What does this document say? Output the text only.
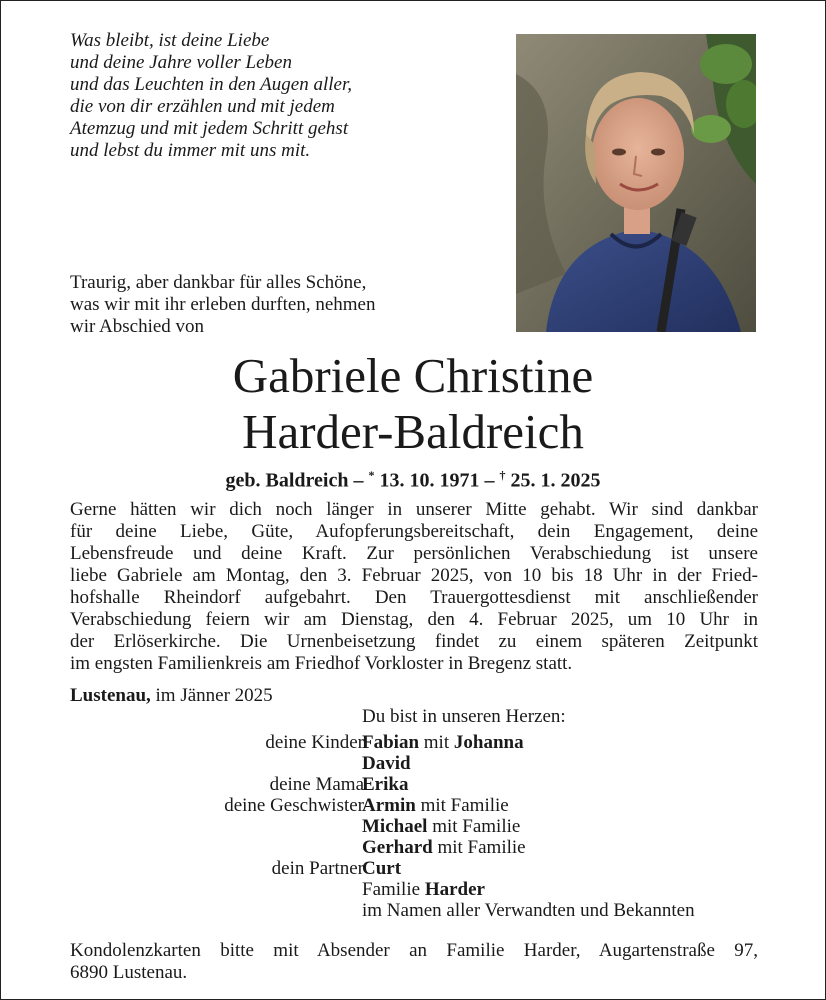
Was bleibt, ist deine Liebe
und deine Jahre voller Leben
und das Leuchten in den Augen aller,
die von dir erzählen und mit jedem
Atemzug und mit jedem Schritt gehst
und lebst du immer mit uns mit.
Traurig, aber dankbar für alles Schöne,
was wir mit ihr erleben durften, nehmen
wir Abschied von
Gabriele Christine
Harder-Baldreich
geb. Baldreich – * 13. 10. 1971 – † 25. 1. 2025
Gerne hätten wir dich noch länger in unserer Mitte gehabt. Wir sind dankbar
für deine Liebe, Güte, Aufopferungsbereitschaft, dein Engagement, deine
Lebensfreude und deine Kraft. Zur persönlichen Verabschiedung ist unsere
liebe Gabriele am Montag, den 3. Februar 2025, von 10 bis 18 Uhr in der Fried-
hofshalle Rheindorf aufgebahrt. Den Trauergottesdienst mit anschließender
Verabschiedung feiern wir am Dienstag, den 4. Februar 2025, um 10 Uhr in
der Erlöserkirche. Die Urnenbeisetzung findet zu einem späteren Zeitpunkt
im engsten Familienkreis am Friedhof Vorkloster in Bregenz statt.
Lustenau, im Jänner 2025
Du bist in unseren Herzen:
deine Kinder
Fabian mit Johanna
David
deine Mama
Erika
deine Geschwister
Armin mit Familie
Michael mit Familie
Gerhard mit Familie
dein Partner
Curt
Familie Harder
im Namen aller Verwandten und Bekannten
Kondolenzkarten bitte mit Absender an Familie Harder, Augartenstraße 97,
6890 Lustenau.
